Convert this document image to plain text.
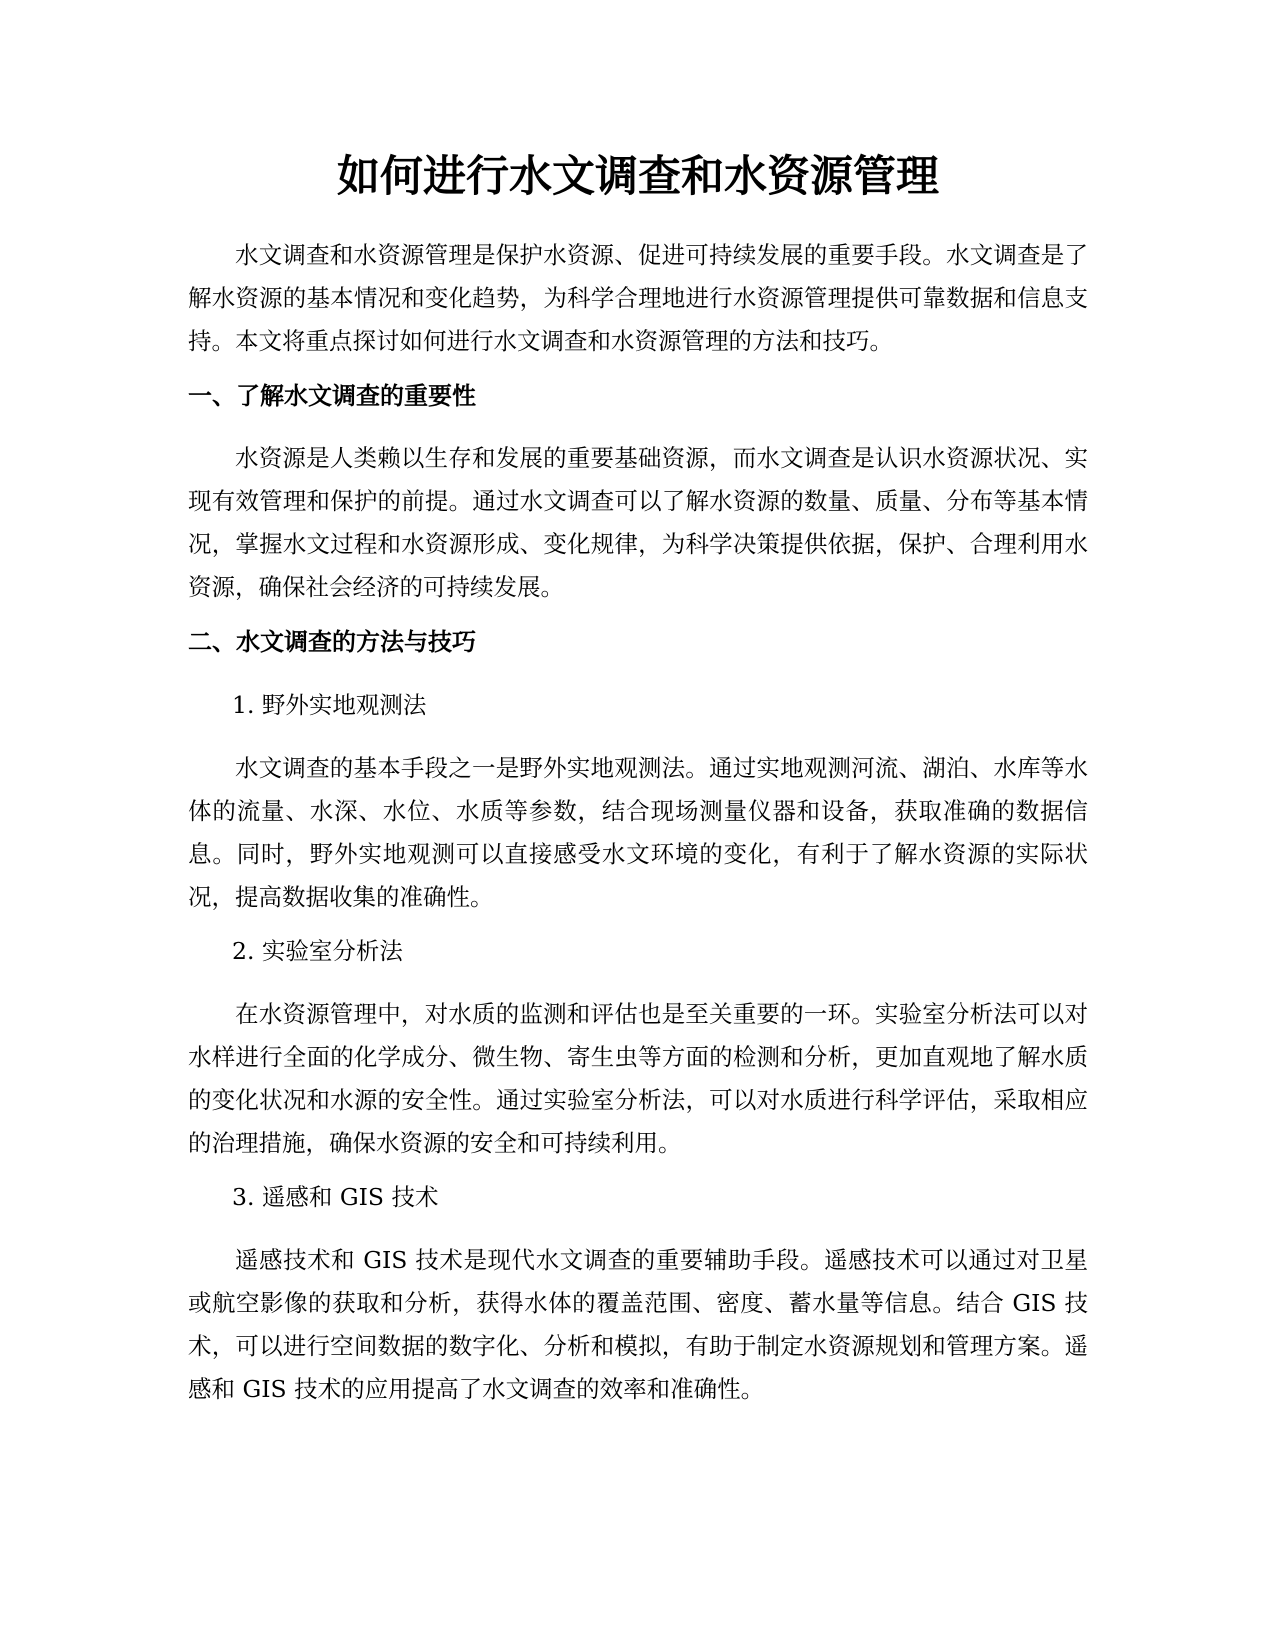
如何进行水文调查和水资源管理

水文调查和水资源管理是保护水资源、促进可持续发展的重要手段。水文调查是了解水资源的基本情况和变化趋势，为科学合理地进行水资源管理提供可靠数据和信息支持。本文将重点探讨如何进行水文调查和水资源管理的方法和技巧。

一、了解水文调查的重要性

水资源是人类赖以生存和发展的重要基础资源，而水文调查是认识水资源状况、实现有效管理和保护的前提。通过水文调查可以了解水资源的数量、质量、分布等基本情况，掌握水文过程和水资源形成、变化规律，为科学决策提供依据，保护、合理利用水资源，确保社会经济的可持续发展。

二、水文调查的方法与技巧

1. 野外实地观测法

水文调查的基本手段之一是野外实地观测法。通过实地观测河流、湖泊、水库等水体的流量、水深、水位、水质等参数，结合现场测量仪器和设备，获取准确的数据信息。同时，野外实地观测可以直接感受水文环境的变化，有利于了解水资源的实际状况，提高数据收集的准确性。

2. 实验室分析法

在水资源管理中，对水质的监测和评估也是至关重要的一环。实验室分析法可以对水样进行全面的化学成分、微生物、寄生虫等方面的检测和分析，更加直观地了解水质的变化状况和水源的安全性。通过实验室分析法，可以对水质进行科学评估，采取相应的治理措施，确保水资源的安全和可持续利用。

3. 遥感和 GIS 技术

遥感技术和 GIS 技术是现代水文调查的重要辅助手段。遥感技术可以通过对卫星或航空影像的获取和分析，获得水体的覆盖范围、密度、蓄水量等信息。结合 GIS 技术，可以进行空间数据的数字化、分析和模拟，有助于制定水资源规划和管理方案。遥感和 GIS 技术的应用提高了水文调查的效率和准确性。
